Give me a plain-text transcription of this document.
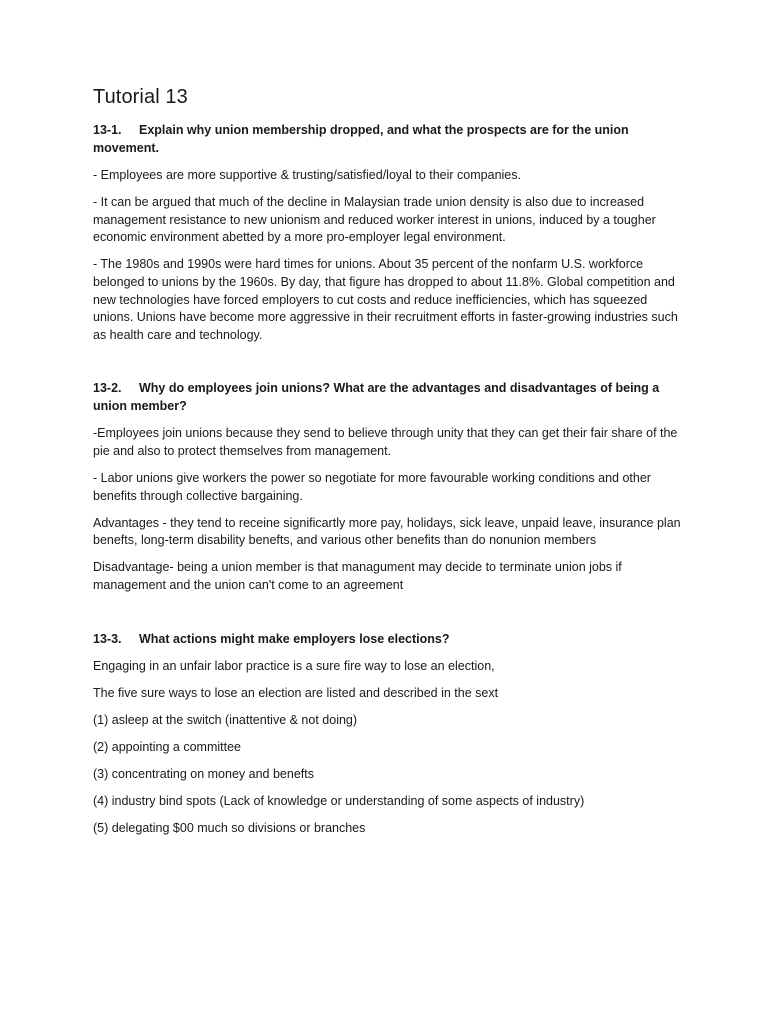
Tutorial 13
13-1. Explain why union membership dropped, and what the prospects are for the union movement.
- Employees are more supportive & trusting/satisfied/loyal to their companies.
- It can be argued that much of the decline in Malaysian trade union density is also due to increased management resistance to new unionism and reduced worker interest in unions, induced by a tougher economic environment abetted by a more pro-employer legal environment.
- The 1980s and 1990s were hard times for unions. About 35 percent of the nonfarm U.S. workforce belonged to unions by the 1960s. By day, that figure has dropped to about 11.8%. Global competition and new technologies have forced employers to cut costs and reduce inefficiencies, which has squeezed unions. Unions have become more aggressive in their recruitment efforts in faster-growing industries such as health care and technology.
13-2. Why do employees join unions? What are the advantages and disadvantages of being a union member?
-Employees join unions because they send to believe through unity that they can get their fair share of the pie and also to protect themselves from management.
- Labor unions give workers the power so negotiate for more favourable working conditions and other benefits through collective bargaining.
Advantages - they tend to receine significartly more pay, holidays, sick leave, unpaid leave, insurance plan benefts, long-term disability benefts, and various other benefits than do nonunion members
Disadvantage- being a union member is that managument may decide to terminate union jobs if management and the union can't come to an agreement
13-3. What actions might make employers lose elections?
Engaging in an unfair labor practice is a sure fire way to lose an election,
The five sure ways to lose an election are listed and described in the sext
(1) asleep at the switch (inattentive & not doing)
(2) appointing a committee
(3) concentrating on money and benefts
(4) industry bind spots (Lack of knowledge or understanding of some aspects of industry)
(5) delegating $00 much so divisions or branches
